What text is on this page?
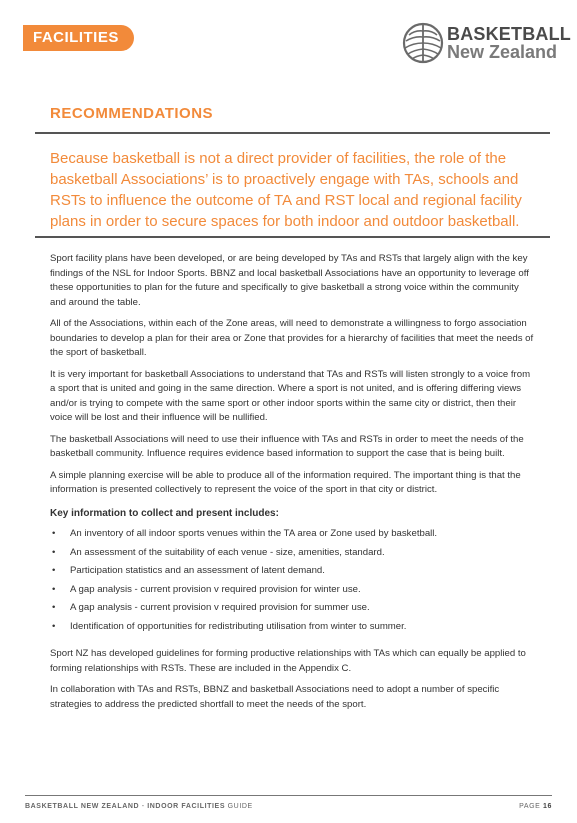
FACILITIES	BASKETBALL
New Zealand
RECOMMENDATIONS

Because basketball is not a direct provider of facilities, the role of the basketball Associations’ is to proactively engage with TAs, schools and RSTs to influence the outcome of TA and RST local and regional facility plans in order to secure spaces for both indoor and outdoor basketball.

Sport facility plans have been developed, or are being developed by TAs and RSTs that largely align with the key findings of the NSL for Indoor Sports. BBNZ and local basketball Associations have an opportunity to leverage off these opportunities to plan for the future and specifically to give basketball a strong voice within the community and around the table.

All of the Associations, within each of the Zone areas, will need to demonstrate a willingness to forgo association boundaries to develop a plan for their area or Zone that provides for a hierarchy of facilities that meet the needs of the sport of basketball.

It is very important for basketball Associations to understand that TAs and RSTs will listen strongly to a voice from a sport that is united and going in the same direction. Where a sport is not united, and is offering differing views and/or is trying to compete with the same sport or other indoor sports within the same city or district, then their voice will be lost and their influence will be nullified.

The basketball Associations will need to use their influence with TAs and RSTs in order to meet the needs of the basketball community. Influence requires evidence based information to support the case that is being built.

A simple planning exercise will be able to produce all of the information required. The important thing is that the information is presented collectively to represent the voice of the sport in that city or district.

Key information to collect and present includes:
• An inventory of all indoor sports venues within the TA area or Zone used by basketball.
• An assessment of the suitability of each venue - size, amenities, standard.
• Participation statistics and an assessment of latent demand.
• A gap analysis - current provision v required provision for winter use.
• A gap analysis - current provision v required provision for summer use.
• Identification of opportunities for redistributing utilisation from winter to summer.

Sport NZ has developed guidelines for forming productive relationships with TAs which can equally be applied to forming relationships with RSTs. These are included in the Appendix C.

In collaboration with TAs and RSTs, BBNZ and basketball Associations need to adopt a number of specific strategies to address the predicted shortfall to meet the needs of the sport.

BASKETBALL NEW ZEALAND - INDOOR FACILITIES GUIDE	PAGE 16
